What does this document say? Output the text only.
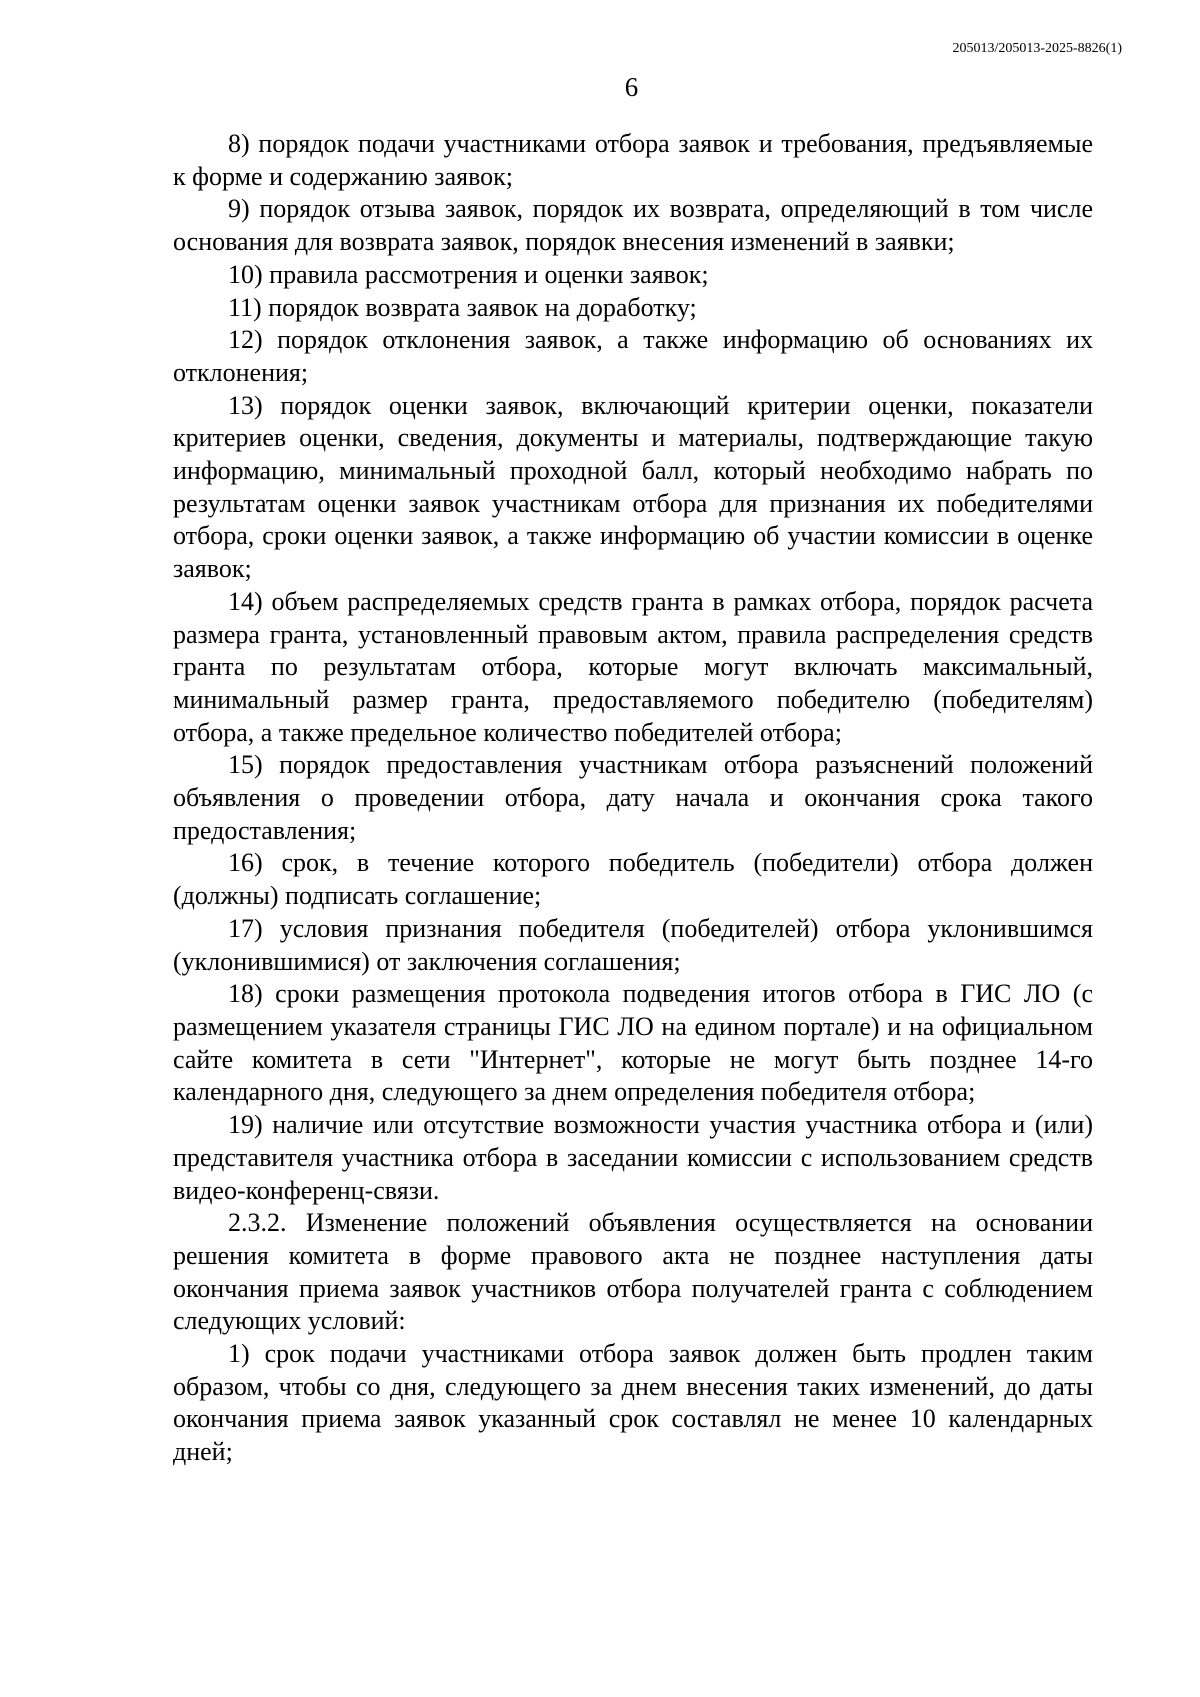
205013/205013-2025-8826(1)
6

8) порядок подачи участниками отбора заявок и требования, предъявляемые к форме и содержанию заявок;

9) порядок отзыва заявок, порядок их возврата, определяющий в том числе основания для возврата заявок, порядок внесения изменений в заявки;

10) правила рассмотрения и оценки заявок;

11) порядок возврата заявок на доработку;

12) порядок отклонения заявок, а также информацию об основаниях их отклонения;

13) порядок оценки заявок, включающий критерии оценки, показатели критериев оценки, сведения, документы и материалы, подтверждающие такую информацию, минимальный проходной балл, который необходимо набрать по результатам оценки заявок участникам отбора для признания их победителями отбора, сроки оценки заявок, а также информацию об участии комиссии в оценке заявок;

14) объем распределяемых средств гранта в рамках отбора, порядок расчета размера гранта, установленный правовым актом, правила распределения средств гранта по результатам отбора, которые могут включать максимальный, минимальный размер гранта, предоставляемого победителю (победителям) отбора, а также предельное количество победителей отбора;

15) порядок предоставления участникам отбора разъяснений положений объявления о проведении отбора, дату начала и окончания срока такого предоставления;

16) срок, в течение которого победитель (победители) отбора должен (должны) подписать соглашение;

17) условия признания победителя (победителей) отбора уклонившимся (уклонившимися) от заключения соглашения;

18) сроки размещения протокола подведения итогов отбора в ГИС ЛО (с размещением указателя страницы ГИС ЛО на едином портале) и на официальном сайте комитета в сети "Интернет", которые не могут быть позднее 14-го календарного дня, следующего за днем определения победителя отбора;

19) наличие или отсутствие возможности участия участника отбора и (или) представителя участника отбора в заседании комиссии с использованием средств видео-конференц-связи.

2.3.2. Изменение положений объявления осуществляется на основании решения комитета в форме правового акта не позднее наступления даты окончания приема заявок участников отбора получателей гранта с соблюдением следующих условий:

1) срок подачи участниками отбора заявок должен быть продлен таким образом, чтобы со дня, следующего за днем внесения таких изменений, до даты окончания приема заявок указанный срок составлял не менее 10 календарных дней;
